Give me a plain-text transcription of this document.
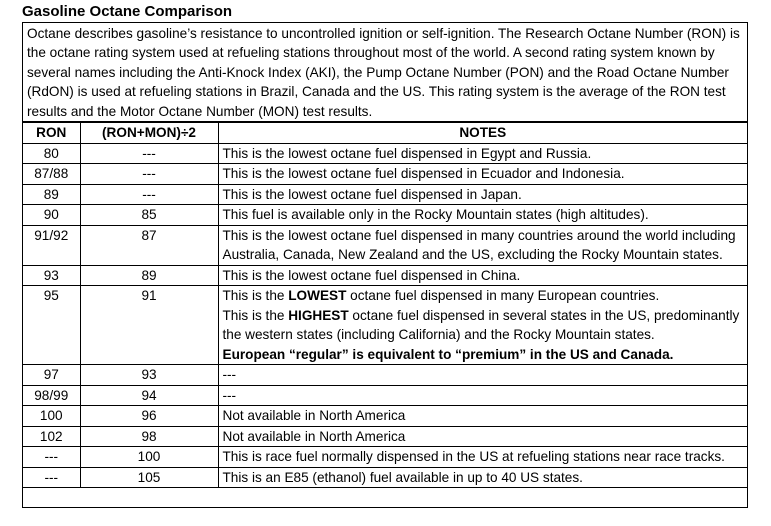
Gasoline Octane Comparison
Octane describes gasoline’s resistance to uncontrolled ignition or self-ignition. The Research Octane Number (RON) is the octane rating system used at refueling stations throughout most of the world. A second rating system known by several names including the Anti-Knock Index (AKI), the Pump Octane Number (PON) and the Road Octane Number (RdON) is used at refueling stations in Brazil, Canada and the US. This rating system is the average of the RON test results and the Motor Octane Number (MON) test results.
RON	(RON+MON)÷2	NOTES
80	---	This is the lowest octane fuel dispensed in Egypt and Russia.

87/88	---	This is the lowest octane fuel dispensed in Ecuador and Indonesia.

89	---	This is the lowest octane fuel dispensed in Japan.

90	85	This fuel is available only in the Rocky Mountain states (high altitudes).

91/92	87	This is the lowest octane fuel dispensed in many countries around the world including Australia, Canada, New Zealand and the US, excluding the Rocky Mountain states.

93	89	This is the lowest octane fuel dispensed in China.

95	91	This is the LOWEST octane fuel dispensed in many European countries.
This is the HIGHEST octane fuel dispensed in several states in the US, predominantly the western states (including California) and the Rocky Mountain states.
European “regular” is equivalent to “premium” in the US and Canada.

97	93	---

98/99	94	---

100	96	Not available in North America

102	98	Not available in North America

---	100	This is race fuel normally dispensed in the US at refueling stations near race tracks.

---	105	This is an E85 (ethanol) fuel available in up to 40 US states.
